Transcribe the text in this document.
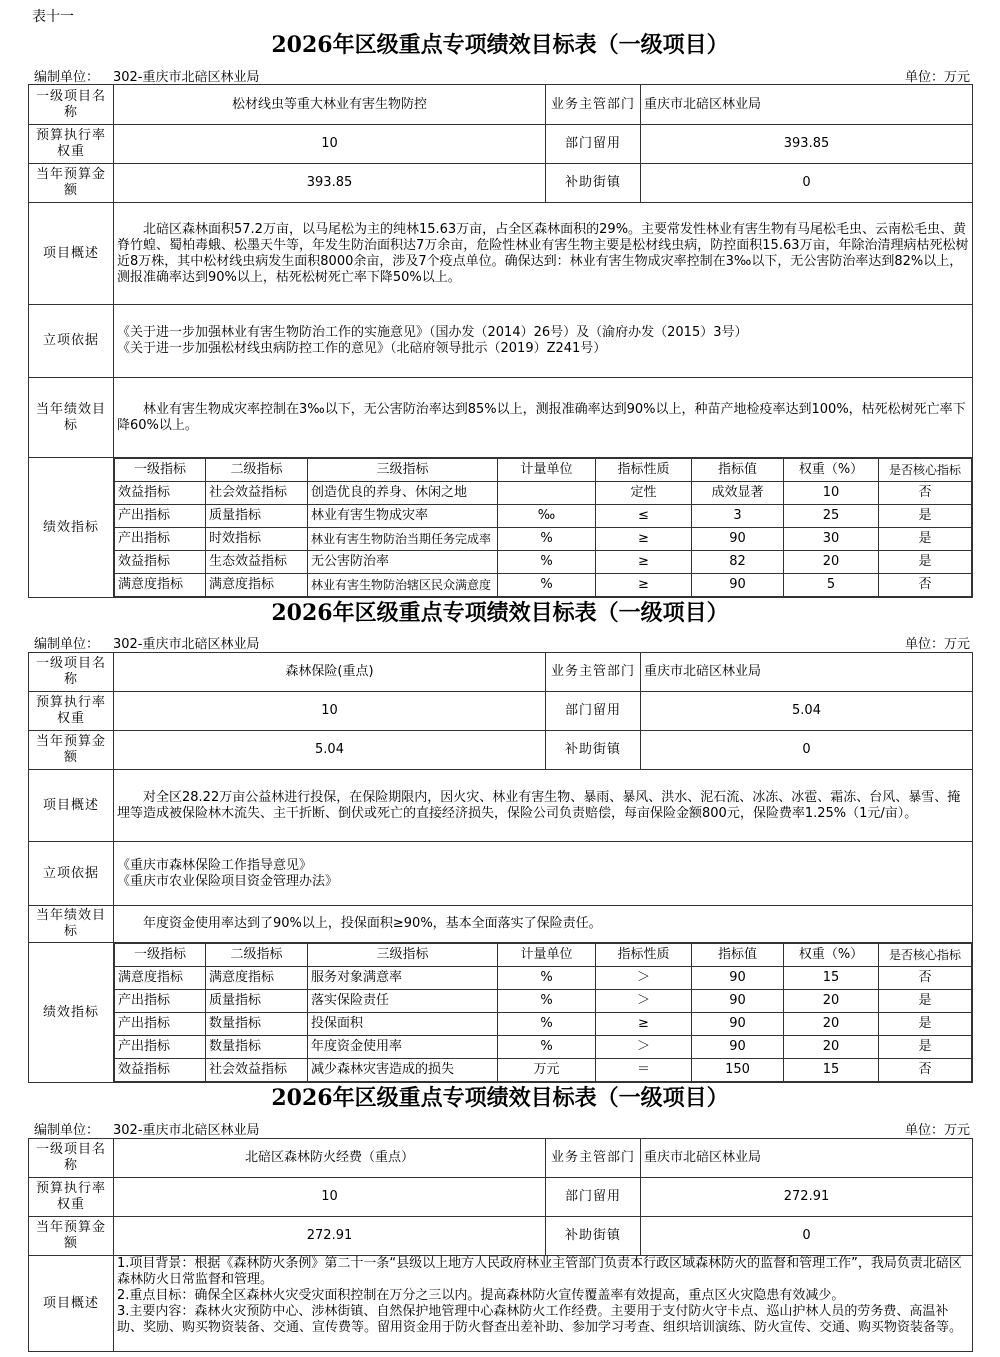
表十一
2026年区级重点专项绩效目标表（一级项目）
编制单位： 302-重庆市北碚区林业局	单位：万元
一级项目名称	松材线虫等重大林业有害生物防控	业务主管部门	重庆市北碚区林业局
预算执行率权重	10	部门留用	393.85
当年预算金额	393.85	补助街镇	0
项目概述	
北碚区森林面积57.2万亩，以马尾松为主的纯林15.63万亩，占全区森林面积的29%。主要常发性林业有害生物有马尾松毛虫、云南松毛虫、黄脊竹蝗、蜀柏毒蛾、松墨天牛等，年发生防治面积达7万余亩，危险性林业有害生物主要是松材线虫病，防控面积15.63万亩，年除治清理病枯死松树近8万株，其中松材线虫病发生面积8000余亩，涉及7个疫点单位。确保达到：林业有害生物成灾率控制在3‰以下，无公害防治率达到82%以上，测报准确率达到90%以上，枯死松树死亡率下降50%以上。

立项依据	
《关于进一步加强林业有害生物防治工作的实施意见》（国办发（2014）26号）及（渝府办发（2015）3号）
《关于进一步加强松材线虫病防控工作的意见》（北碚府领导批示（2019）Z241号）

当年绩效目标	
林业有害生物成灾率控制在3‰以下，无公害防治率达到85%以上，测报准确率达到90%以上，种苗产地检疫率达到100%，枯死松树死亡率下降60%以上。

绩效指标	
一级指标	二级指标	三级指标	计量单位	指标性质	指标值	权重（%）	是否核心指标
效益指标	社会效益指标	创造优良的养身、休闲之地		定性	成效显著	10	否
产出指标	质量指标	林业有害生物成灾率	‰	≤	3	25	是
产出指标	时效指标	林业有害生物防治当期任务完成率	%	≥	90	30	是
效益指标	生态效益指标	无公害防治率	%	≥	82	20	是
满意度指标	满意度指标	林业有害生物防治辖区民众满意度	%	≥	90	5	否
2026年区级重点专项绩效目标表（一级项目）
编制单位： 302-重庆市北碚区林业局	单位：万元
一级项目名称	森林保险(重点)	业务主管部门	重庆市北碚区林业局
预算执行率权重	10	部门留用	5.04
当年预算金额	5.04	补助街镇	0
项目概述	
对全区28.22万亩公益林进行投保，在保险期限内，因火灾、林业有害生物、暴雨、暴风、洪水、泥石流、冰冻、冰雹、霜冻、台风、暴雪、掩埋等造成被保险林木流失、主干折断、倒伏或死亡的直接经济损失，保险公司负责赔偿，每亩保险金额800元，保险费率1.25%（1元/亩）。

立项依据	
《重庆市森林保险工作指导意见》
《重庆市农业保险项目资金管理办法》

当年绩效目标	
年度资金使用率达到了90%以上，投保面积≥90%，基本全面落实了保险责任。

绩效指标	
一级指标	二级指标	三级指标	计量单位	指标性质	指标值	权重（%）	是否核心指标
满意度指标	满意度指标	服务对象满意率	%	＞	90	15	否
产出指标	质量指标	落实保险责任	%	＞	90	20	是
产出指标	数量指标	投保面积	%	≥	90	20	是
产出指标	数量指标	年度资金使用率	%	＞	90	20	是
效益指标	社会效益指标	减少森林灾害造成的损失	万元	＝	150	15	否
2026年区级重点专项绩效目标表（一级项目）
编制单位： 302-重庆市北碚区林业局	单位：万元
一级项目名称	北碚区森林防火经费（重点）	业务主管部门	重庆市北碚区林业局
预算执行率权重	10	部门留用	272.91
当年预算金额	272.91	补助街镇	0
项目概述	1.项目背景：根据《森林防火条例》第二十一条“县级以上地方人民政府林业主管部门负责本行政区域森林防火的监督和管理工作”，我局负责北碚区森林防火日常监督和管理。
2.重点目标：确保全区森林火灾受灾面积控制在万分之三以内。提高森林防火宣传覆盖率有效提高，重点区火灾隐患有效减少。
3.主要内容：森林火灾预防中心、涉林街镇、自然保护地管理中心森林防火工作经费。主要用于支付防火守卡点、巡山护林人员的劳务费、高温补助、奖励、购买物资装备、交通、宣传费等。留用资金用于防火督查出差补助、参加学习考查、组织培训演练、防火宣传、交通、购买物资装备等。		
